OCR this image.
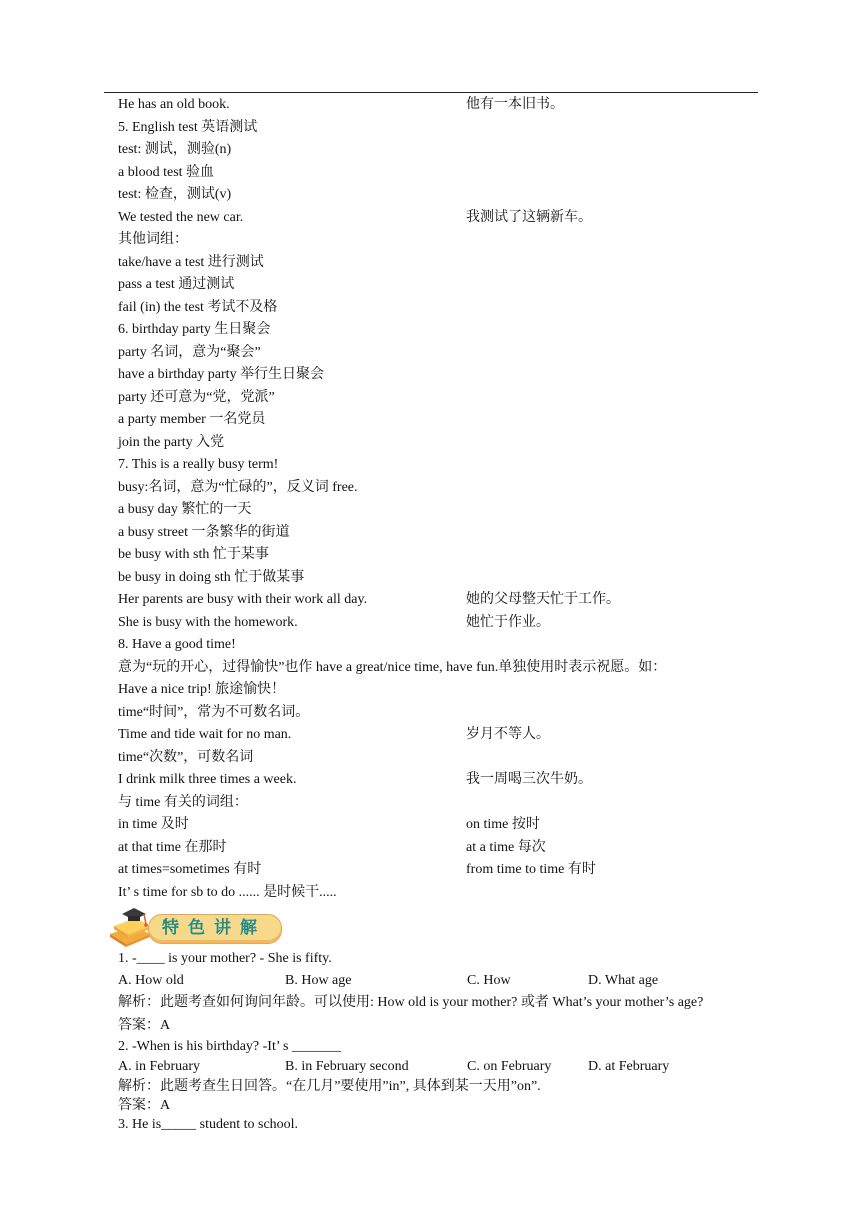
He has an old book.	他有一本旧书。
5. English test 英语测试
test: 测试，测验(n)
a blood test 验血
test: 检查，测试(v)
We tested the new car.	我测试了这辆新车。
其他词组：
take/have a test 进行测试
pass a test 通过测试
fail (in) the test 考试不及格
6. birthday party 生日聚会
party 名词，意为“聚会”
have a birthday party 举行生日聚会
party 还可意为“党，党派”
a party member 一名党员
join the party 入党
7. This is a really busy term!
busy:名词，意为“忙碌的”，反义词 free.
a busy day 繁忙的一天
a busy street 一条繁华的街道
be busy with sth 忙于某事
be busy in doing sth 忙于做某事
Her parents are busy with their work all day.	她的父母整天忙于工作。
She is busy with the homework.	她忙于作业。
8. Have a good time!
意为“玩的开心，过得愉快”也作 have a great/nice time, have fun.单独使用时表示祝愿。如：
Have a nice trip! 旅途愉快！
time“时间”，常为不可数名词。
Time and tide wait for no man.	岁月不等人。
time“次数”，可数名词
I drink milk three times a week.	我一周喝三次牛奶。
与 time 有关的词组：
in time 及时	on time 按时
at that time 在那时	at a time 每次
at times=sometimes 有时	from time to time 有时
It’ s time for sb to do ...... 是时候干.....
特色讲解
1. -____ is your mother? - She is fifty.
A. How old	B. How age	C. How	D. What age
解析：此题考查如何询问年龄。可以使用: How old is your mother? 或者 What’s your mother’s age?
答案：A
2. -When is his birthday? -It’ s _______
A. in February	B. in February second	C. on February	D. at February
解析：此题考查生日回答。“在几月”要使用”in”, 具体到某一天用”on”.
答案：A
3. He is_____ student to school.
